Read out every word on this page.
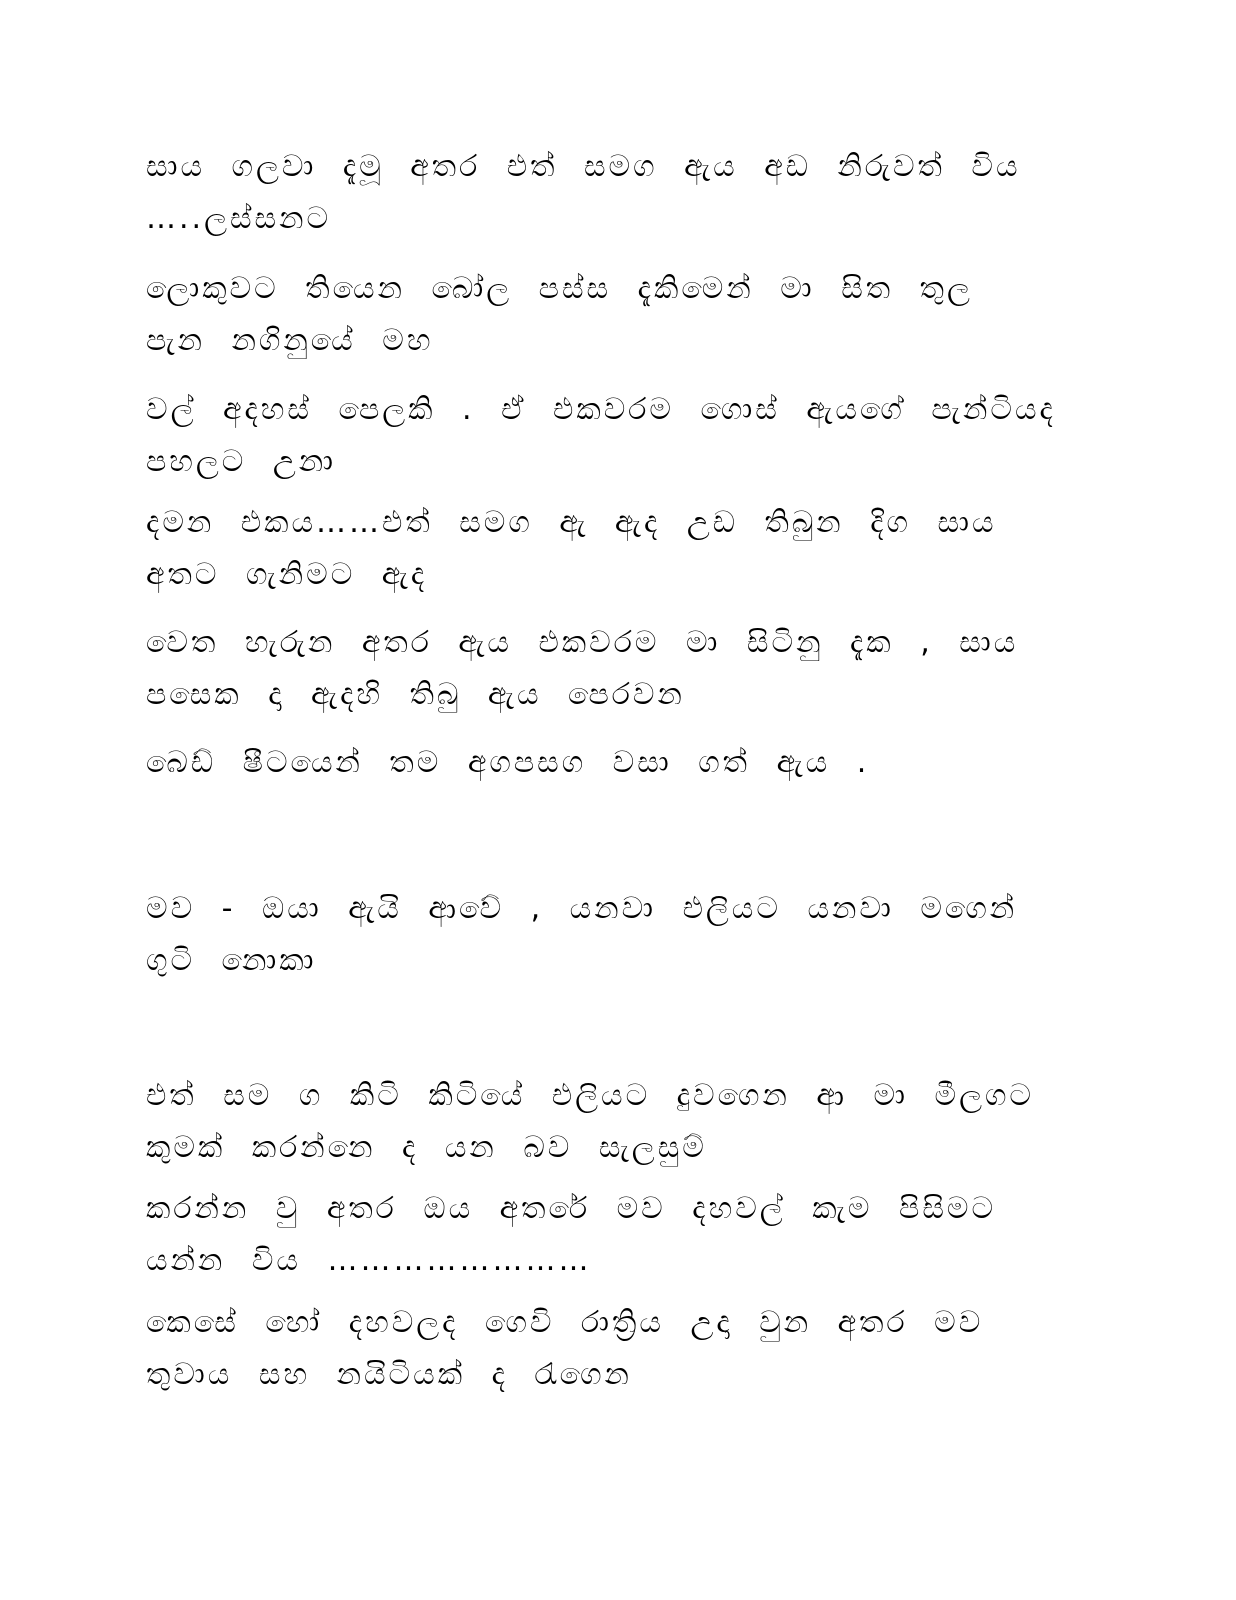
සාය ගලවා දැමූ අතර එත් සමග ඇය අඩ නිරුවත් විය
…..ලස්සනට
ලොකුවට තියෙන බෝල පස්ස දැකිමෙන් මා සිත තුල
පැන නගිනුයේ මහ
වල් අදහස් පෙලකි . ඒ එකවරම ගොස් ඇයගේ පැන්ටියද
පහලට උනා
දමන එකය……එත් සමග ඇ ඇද උඩ තිබුන දිග සාය
අතට ගැනිමට ඇද
වෙත හැරුන අතර ඇය එකවරම මා සිටිනු දැක , සාය
පසෙක දා ඇදහි තිබු ඇය පෙරවන
බෙඩ් ෂීටයෙන් තම අගපසග වසා ගත් ඇය .
මව - ඔයා ඇයි ආවේ , යනවා එලියට යනවා මගෙන්
ගුටි නොකා
එත් සම ග කිටි කිටියේ එලියට දුවගෙන ආ මා මීලගට
කුමක් කරන්නෙ ද යන බව සැලසුම්
කරන්න වු අතර ඔය අතරේ මව දහවල් කැම පිසිමට
යන්න විය ……………………
කෙසේ හෝ දහවලද ගෙවි රාත්‍රිය උදා වුන අතර මව
තුවාය සහ නයිටියක් ද රැගෙන
